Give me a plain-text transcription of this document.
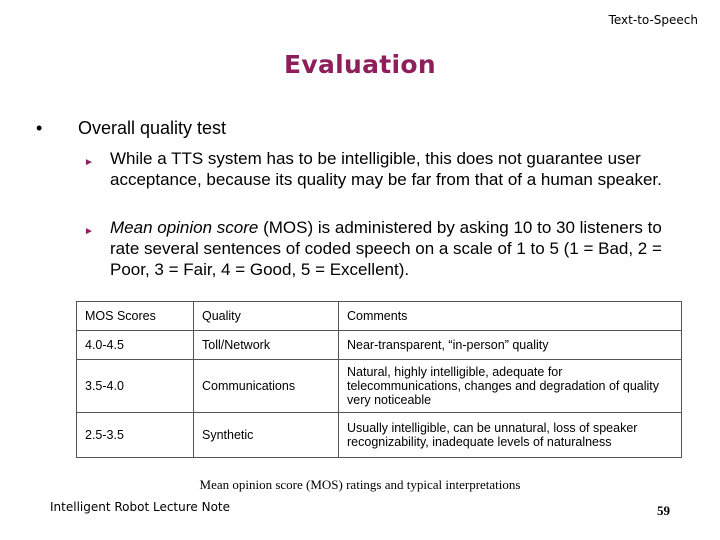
Text-to-Speech
Evaluation
• Overall quality test
► While a TTS system has to be intelligible, this does not guarantee user acceptance, because its quality may be far from that of a human speaker.
► Mean opinion score (MOS) is administered by asking 10 to 30 listeners to rate several sentences of coded speech on a scale of 1 to 5 (1 = Bad, 2 = Poor, 3 = Fair, 4 = Good, 5 = Excellent).
MOS Scores	Quality	Comments
4.0-4.5	Toll/Network	Near-transparent, “in-person” quality
3.5-4.0	Communications	Natural, highly intelligible, adequate for telecommunications, changes and degradation of quality very noticeable
2.5-3.5	Synthetic	Usually intelligible, can be unnatural, loss of speaker recognizability, inadequate levels of naturalness
Mean opinion score (MOS) ratings and typical interpretations
Intelligent Robot Lecture Note	59
